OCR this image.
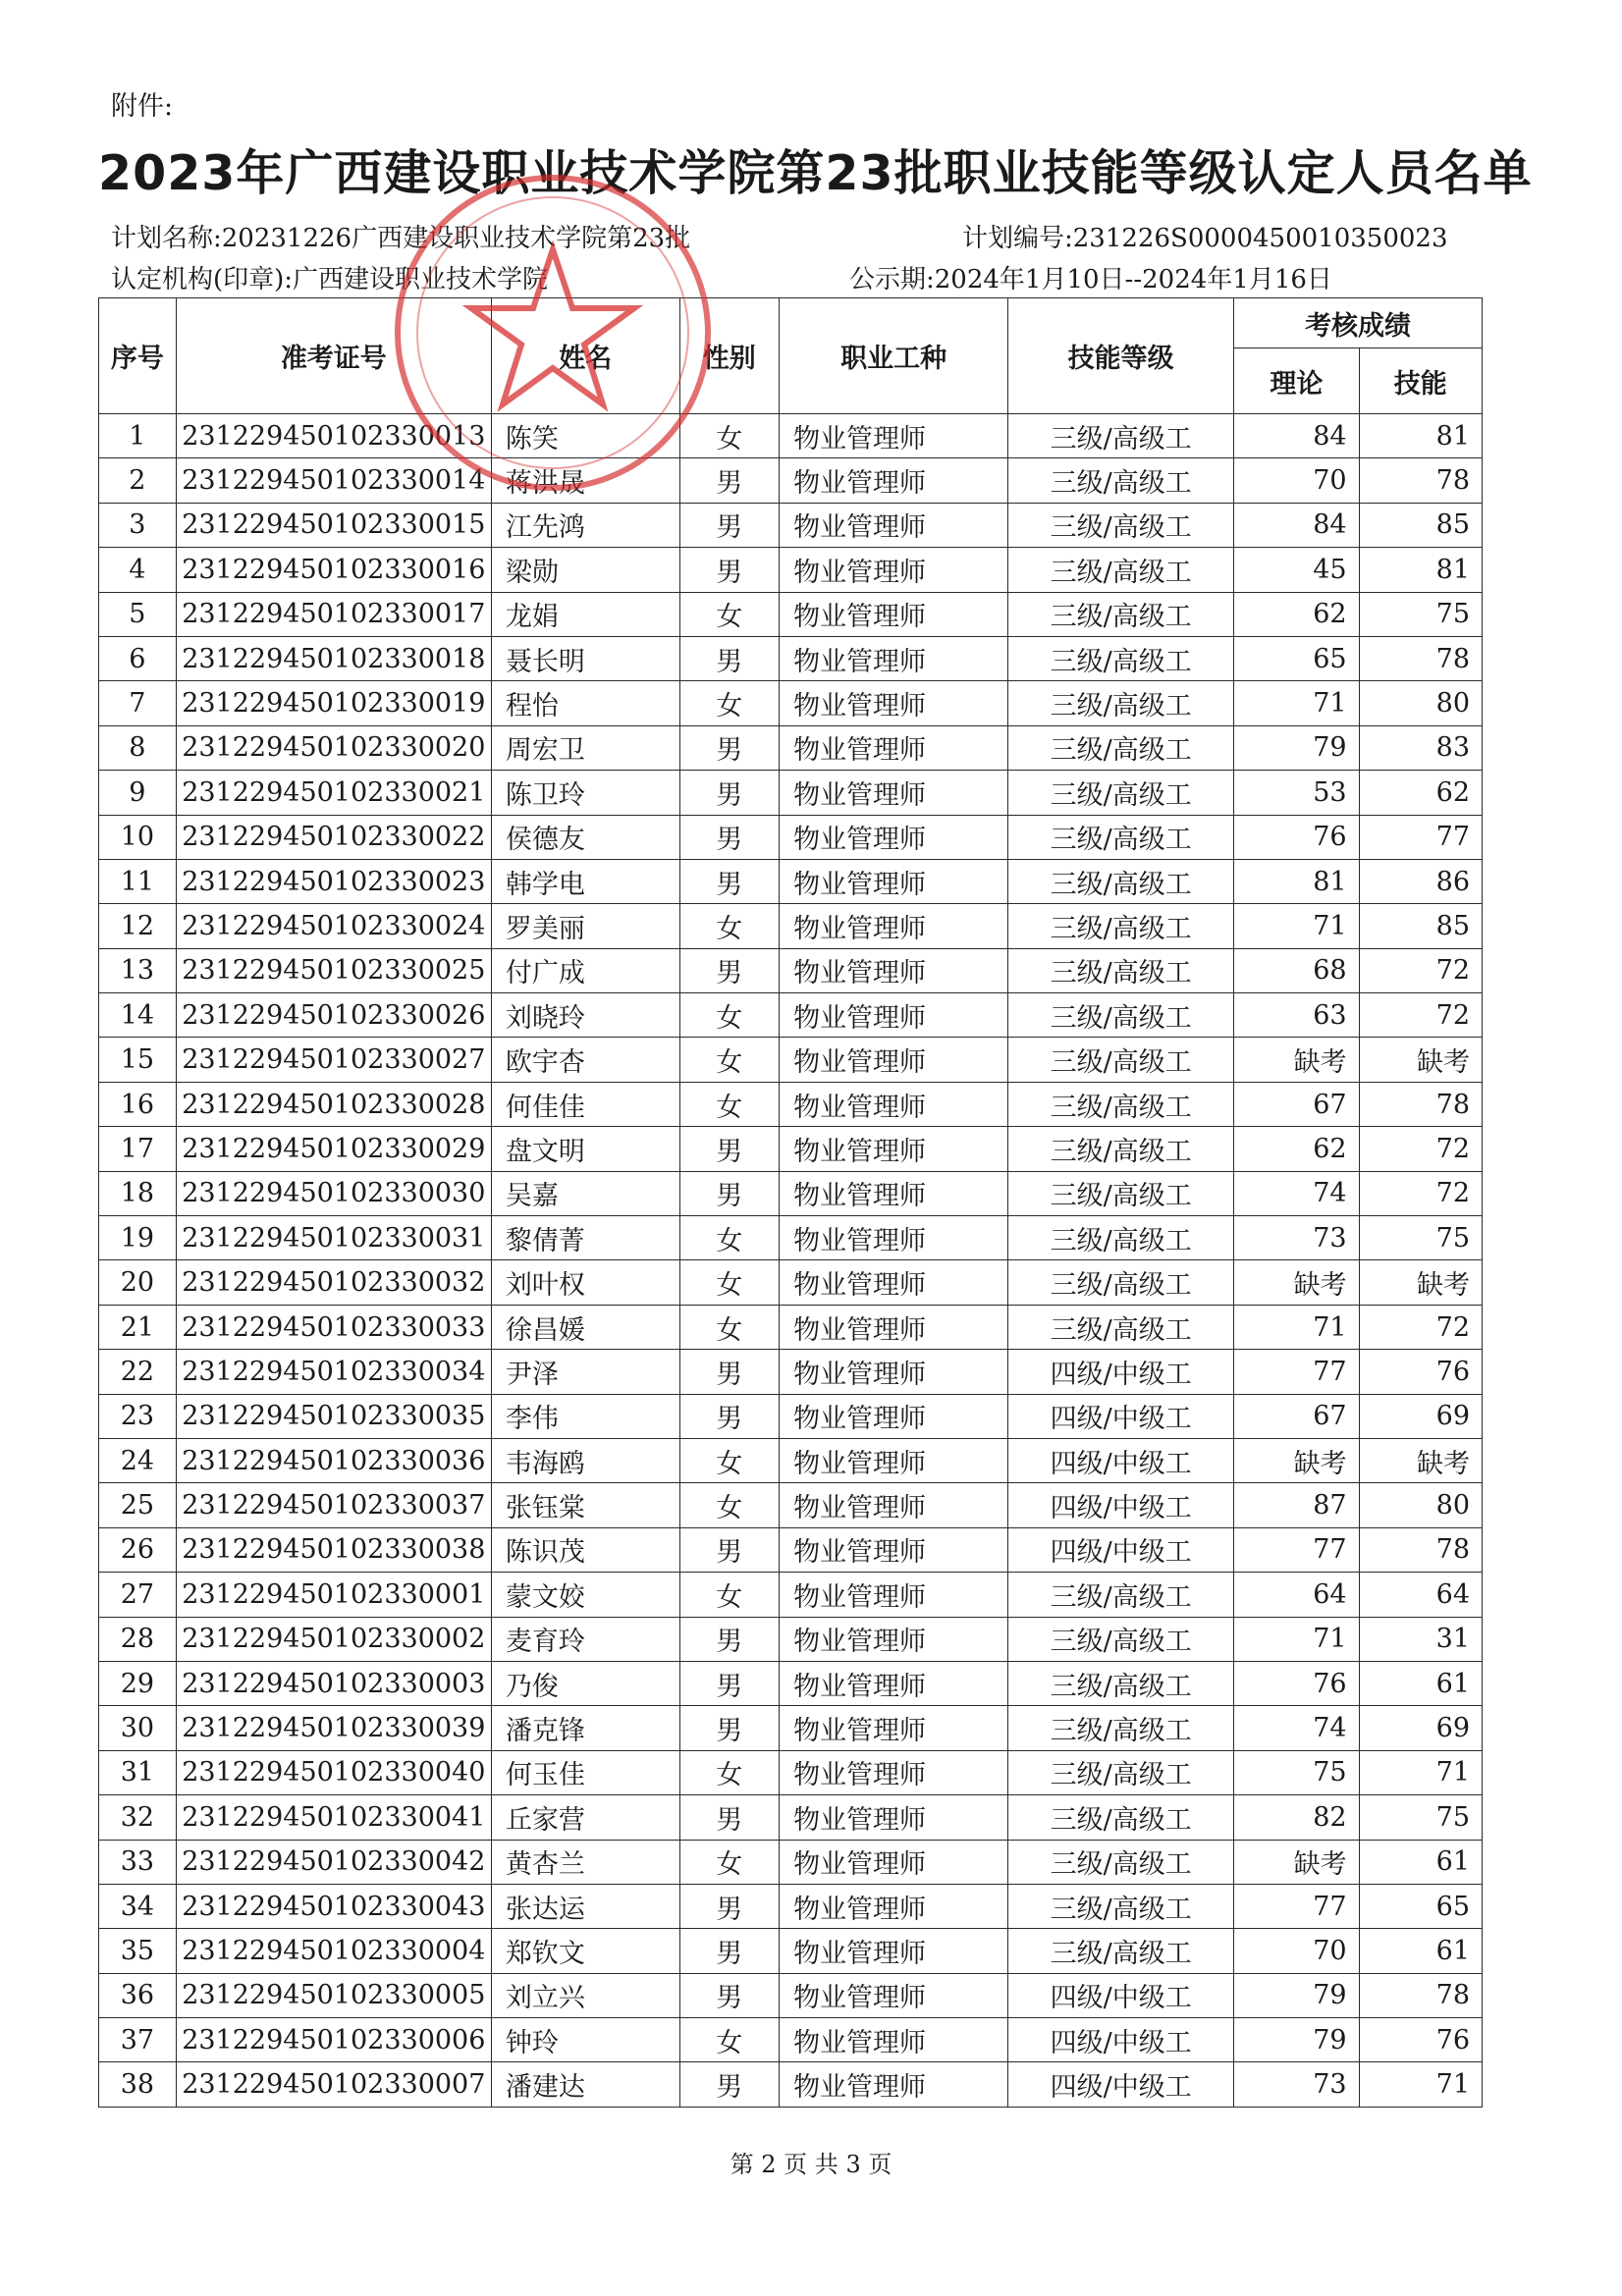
附件:
2023年广西建设职业技术学院第23批职业技能等级认定人员名单
计划名称:20231226广西建设职业技术学院第23批	计划编号:231226S0000450010350023
认定机构(印章):广西建设职业技术学院	公示期:2024年1月10日--2024年1月16日
序号	准考证号	姓名	性别	职业工种	技能等级	考核成绩	
						理论	技能
1	231229450102330013	陈笑	女	物业管理师	三级/高级工	84	81
2	231229450102330014	蒋洪晟	男	物业管理师	三级/高级工	70	78
3	231229450102330015	江先鸿	男	物业管理师	三级/高级工	84	85
4	231229450102330016	梁勋	男	物业管理师	三级/高级工	45	81
5	231229450102330017	龙娟	女	物业管理师	三级/高级工	62	75
6	231229450102330018	聂长明	男	物业管理师	三级/高级工	65	78
7	231229450102330019	程怡	女	物业管理师	三级/高级工	71	80
8	231229450102330020	周宏卫	男	物业管理师	三级/高级工	79	83
9	231229450102330021	陈卫玲	男	物业管理师	三级/高级工	53	62
10	231229450102330022	侯德友	男	物业管理师	三级/高级工	76	77
11	231229450102330023	韩学电	男	物业管理师	三级/高级工	81	86
12	231229450102330024	罗美丽	女	物业管理师	三级/高级工	71	85
13	231229450102330025	付广成	男	物业管理师	三级/高级工	68	72
14	231229450102330026	刘晓玲	女	物业管理师	三级/高级工	63	72
15	231229450102330027	欧宇杏	女	物业管理师	三级/高级工	缺考	缺考
16	231229450102330028	何佳佳	女	物业管理师	三级/高级工	67	78
17	231229450102330029	盘文明	男	物业管理师	三级/高级工	62	72
18	231229450102330030	吴嘉	男	物业管理师	三级/高级工	74	72
19	231229450102330031	黎倩菁	女	物业管理师	三级/高级工	73	75
20	231229450102330032	刘叶权	女	物业管理师	三级/高级工	缺考	缺考
21	231229450102330033	徐昌媛	女	物业管理师	三级/高级工	71	72
22	231229450102330034	尹泽	男	物业管理师	四级/中级工	77	76
23	231229450102330035	李伟	男	物业管理师	四级/中级工	67	69
24	231229450102330036	韦海鸥	女	物业管理师	四级/中级工	缺考	缺考
25	231229450102330037	张钰棠	女	物业管理师	四级/中级工	87	80
26	231229450102330038	陈识茂	男	物业管理师	四级/中级工	77	78
27	231229450102330001	蒙文姣	女	物业管理师	三级/高级工	64	64
28	231229450102330002	麦育玲	男	物业管理师	三级/高级工	71	31
29	231229450102330003	乃俊	男	物业管理师	三级/高级工	76	61
30	231229450102330039	潘克锋	男	物业管理师	三级/高级工	74	69
31	231229450102330040	何玉佳	女	物业管理师	三级/高级工	75	71
32	231229450102330041	丘家营	男	物业管理师	三级/高级工	82	75
33	231229450102330042	黄杏兰	女	物业管理师	三级/高级工	缺考	61
34	231229450102330043	张达运	男	物业管理师	三级/高级工	77	65
35	231229450102330004	郑钦文	男	物业管理师	三级/高级工	70	61
36	231229450102330005	刘立兴	男	物业管理师	四级/中级工	79	78
37	231229450102330006	钟玲	女	物业管理师	四级/中级工	79	76
38	231229450102330007	潘建达	男	物业管理师	四级/中级工	73	71
第 2 页 共 3 页
